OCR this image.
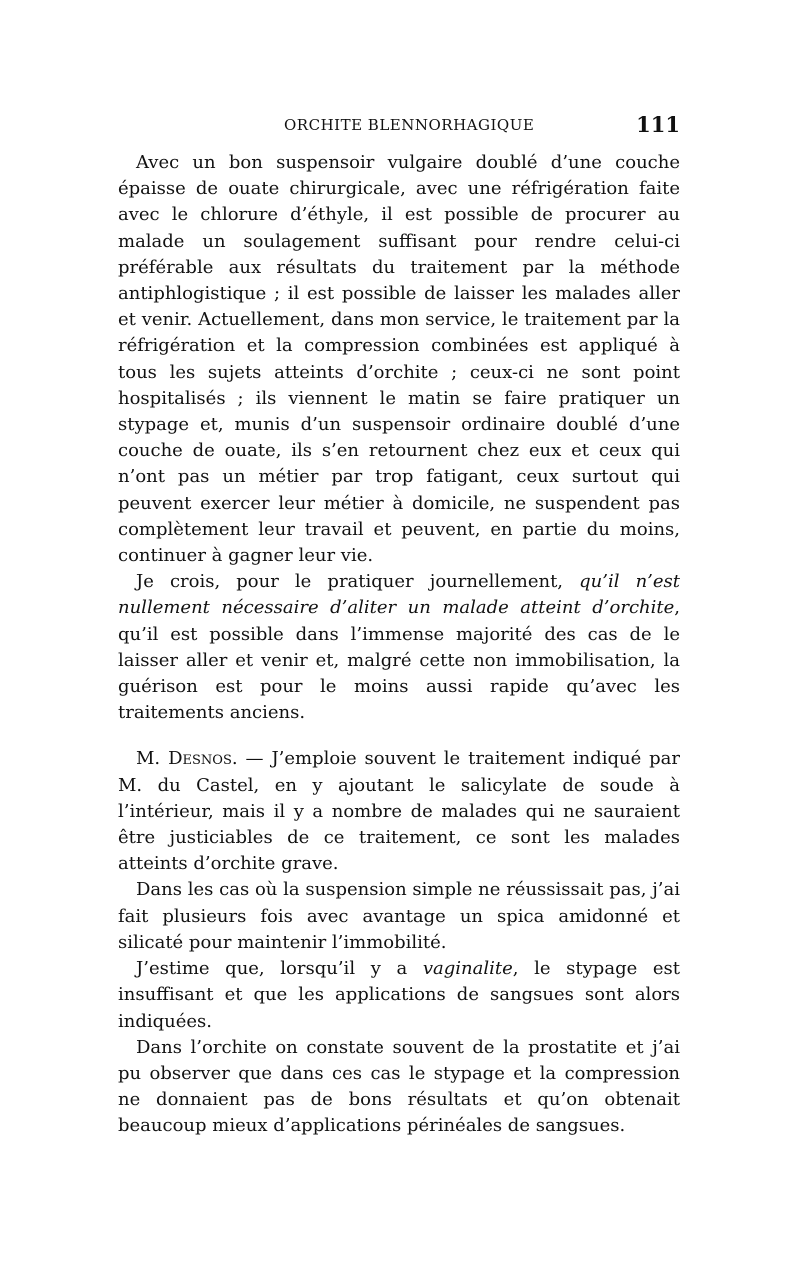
ORCHITE BLENNORHAGIQUE	111

Avec un bon suspensoir vulgaire doublé d’une couche épaisse de ouate chirurgicale, avec une réfrigération faite avec le chlorure d’éthyle, il est possible de procurer au malade un soulagement suffisant pour rendre celui-ci préférable aux résultats du traitement par la méthode antiphlogistique ; il est possible de laisser les malades aller et venir. Actuellement, dans mon service, le traitement par la réfrigération et la compression combinées est appliqué à tous les sujets atteints d’orchite ; ceux-ci ne sont point hospitalisés ; ils viennent le matin se faire pratiquer un stypage et, munis d’un suspensoir ordinaire doublé d’une couche de ouate, ils s’en retournent chez eux et ceux qui n’ont pas un métier par trop fatigant, ceux surtout qui peuvent exercer leur métier à domicile, ne suspendent pas complètement leur travail et peuvent, en partie du moins, continuer à gagner leur vie.

Je crois, pour le pratiquer journellement, qu’il n’est nullement nécessaire d’aliter un malade atteint d’orchite, qu’il est possible dans l’immense majorité des cas de le laisser aller et venir et, malgré cette non immobilisation, la guérison est pour le moins aussi rapide qu’avec les traitements anciens.

M. Desnos. — J’emploie souvent le traitement indiqué par M. du Castel, en y ajoutant le salicylate de soude à l’intérieur, mais il y a nombre de malades qui ne sauraient être justiciables de ce traitement, ce sont les malades atteints d’orchite grave.

Dans les cas où la suspension simple ne réussissait pas, j’ai fait plusieurs fois avec avantage un spica amidonné et silicaté pour maintenir l’immobilité.

J’estime que, lorsqu’il y a vaginalite, le stypage est insuffisant et que les applications de sangsues sont alors indiquées.

Dans l’orchite on constate souvent de la prostatite et j’ai pu observer que dans ces cas le stypage et la compression ne donnaient pas de bons résultats et qu’on obtenait beaucoup mieux d’applications périnéales de sangsues.
